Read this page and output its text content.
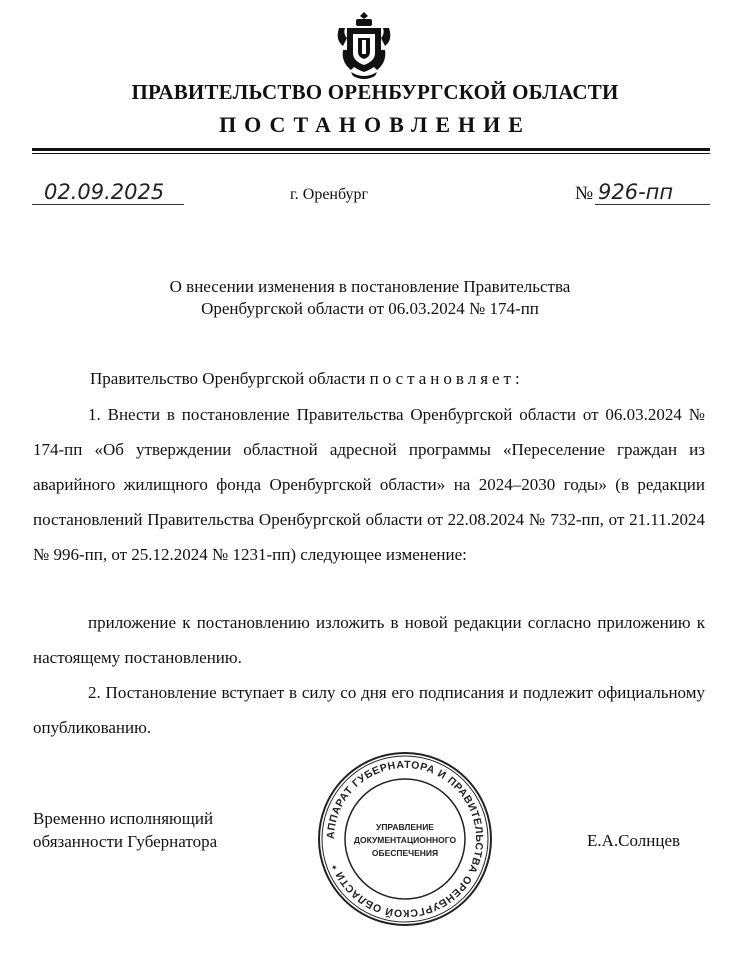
ПРАВИТЕЛЬСТВО ОРЕНБУРГСКОЙ ОБЛАСТИ
ПОСТАНОВЛЕНИЕ
02.09.2025	г. Оренбург	№ 926-пп
О внесении изменения в постановление Правительства
Оренбургской области от 06.03.2024 № 174-пп
Правительство Оренбургской области постановляет:
1. Внести в постановление Правительства Оренбургской области от 06.03.2024 № 174-пп «Об утверждении областной адресной программы «Переселение граждан из аварийного жилищного фонда Оренбургской области» на 2024–2030 годы» (в редакции постановлений Правительства Оренбургской области от 22.08.2024 № 732-пп, от 21.11.2024 № 996-пп, от 25.12.2024 № 1231-пп) следующее изменение:
приложение к постановлению изложить в новой редакции согласно приложению к настоящему постановлению.
2. Постановление вступает в силу со дня его подписания и подлежит официальному опубликованию.
Временно исполняющий
обязанности Губернатора	Е.А.Солнцев
АППАРАТ ГУБЕРНАТОРА И ПРАВИТЕЛЬСТВА ОРЕНБУРГСКОЙ ОБЛАСТИ *
УПРАВЛЕНИЕ
ДОКУМЕНТАЦИОННОГО
ОБЕСПЕЧЕНИЯ
